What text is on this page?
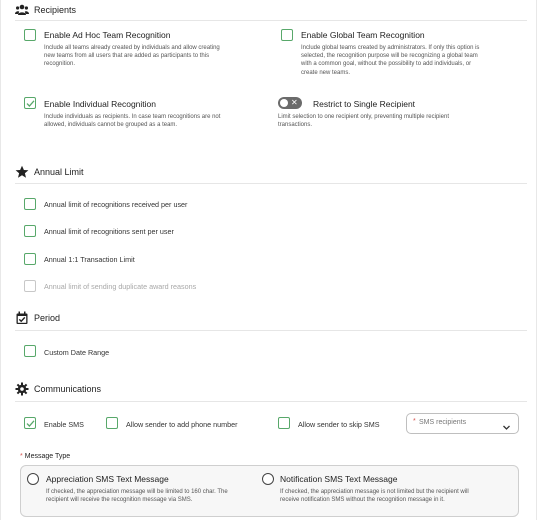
Recipients
Enable Ad Hoc Team Recognition
Include all teams already created by individuals and allow creating
new teams from all users that are added as participants to this
recognition.
Enable Global Team Recognition
Include global teams created by administrators. If only this option is
selected, the recognition purpose will be recognizing a global team
with a common goal, without the possibility to add individuals, or
create new teams.
Enable Individual Recognition
Include individuals as recipients. In case team recognitions are not
allowed, individuals cannot be grouped as a team.
✕ Restrict to Single Recipient
Limit selection to one recipient only, preventing multiple recipient
transactions.
Annual Limit
Annual limit of recognitions received per user
Annual limit of recognitions sent per user
Annual 1:1 Transaction Limit
Annual limit of sending duplicate award reasons
Period
Custom Date Range
Communications
Enable SMS	Allow sender to add phone number	Allow sender to skip SMS	* SMS recipients
* Message Type
Appreciation SMS Text Message
If checked, the appreciation message will be limited to 160 char. The
recipient will receive the recognition message via SMS.
Notification SMS Text Message
If checked, the appreciation message is not limited but the recipient will
receive notification SMS without the recognition message in it.
